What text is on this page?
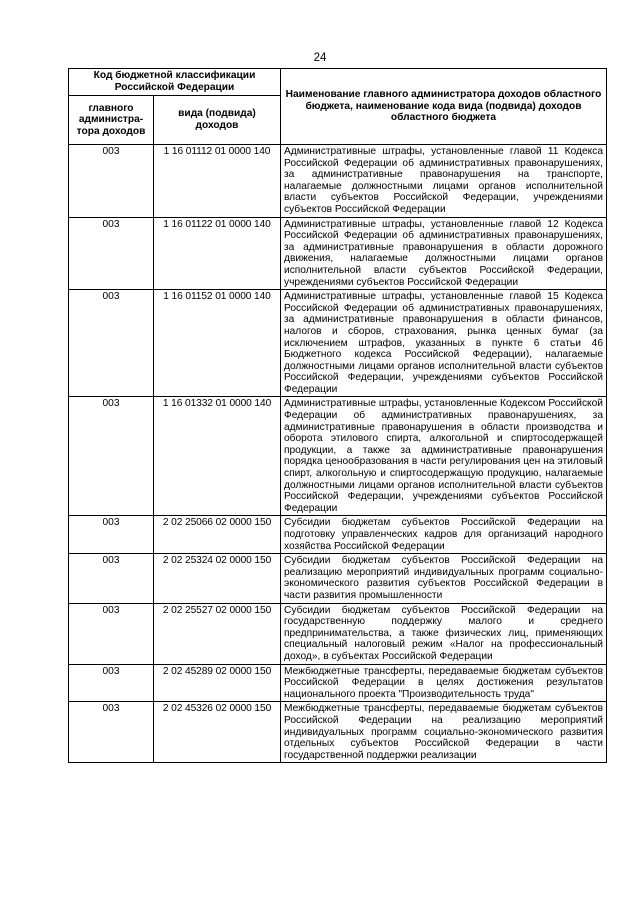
24
Код бюджетной классификации Российской Федерации		Наименование главного администратора доходов областного бюджета, наименование кода вида (подвида) доходов областного бюджета
главного администра-тора доходов	вида (подвида) доходов	
003	1 16 01112 01 0000 140	Административные штрафы, установленные главой 11 Кодекса Российской Федерации об административных правонарушениях, за административные правонарушения на транспорте, налагаемые должностными лицами органов исполнительной власти субъектов Российской Федерации, учреждениями субъектов Российской Федерации
003	1 16 01122 01 0000 140	Административные штрафы, установленные главой 12 Кодекса Российской Федерации об административных правонарушениях, за административные правонарушения в области дорожного движения, налагаемые должностными лицами органов исполнительной власти субъектов Российской Федерации, учреждениями субъектов Российской Федерации
003	1 16 01152 01 0000 140	Административные штрафы, установленные главой 15 Кодекса Российской Федерации об административных правонарушениях, за административные правонарушения в области финансов, налогов и сборов, страхования, рынка ценных бумаг (за исключением штрафов, указанных в пункте 6 статьи 46 Бюджетного кодекса Российской Федерации), налагаемые должностными лицами органов исполнительной власти субъектов Российской Федерации, учреждениями субъектов Российской Федерации
003	1 16 01332 01 0000 140	Административные штрафы, установленные Кодексом Российской Федерации об административных правонарушениях, за административные правонарушения в области производства и оборота этилового спирта, алкогольной и спиртосодержащей продукции, а также за административные правонарушения порядка ценообразования в части регулирования цен на этиловый спирт, алкогольную и спиртосодержащую продукцию, налагаемые должностными лицами органов исполнительной власти субъектов Российской Федерации, учреждениями субъектов Российской Федерации
003	2 02 25066 02 0000 150	Субсидии бюджетам субъектов Российской Федерации на подготовку управленческих кадров для организаций народного хозяйства Российской Федерации
003	2 02 25324 02 0000 150	Субсидии бюджетам субъектов Российской Федерации на реализацию мероприятий индивидуальных программ социально-экономического развития субъектов Российской Федерации в части развития промышленности
003	2 02 25527 02 0000 150	Субсидии бюджетам субъектов Российской Федерации на государственную поддержку малого и среднего предпринимательства, а также физических лиц, применяющих специальный налоговый режим «Налог на профессиональный доход», в субъектах Российской Федерации
003	2 02 45289 02 0000 150	Межбюджетные трансферты, передаваемые бюджетам субъектов Российской Федерации в целях достижения результатов национального проекта "Производительность труда"
003	2 02 45326 02 0000 150	Межбюджетные трансферты, передаваемые бюджетам субъектов Российской Федерации на реализацию мероприятий индивидуальных программ социально-экономического развития отдельных субъектов Российской Федерации в части государственной поддержки реализации
